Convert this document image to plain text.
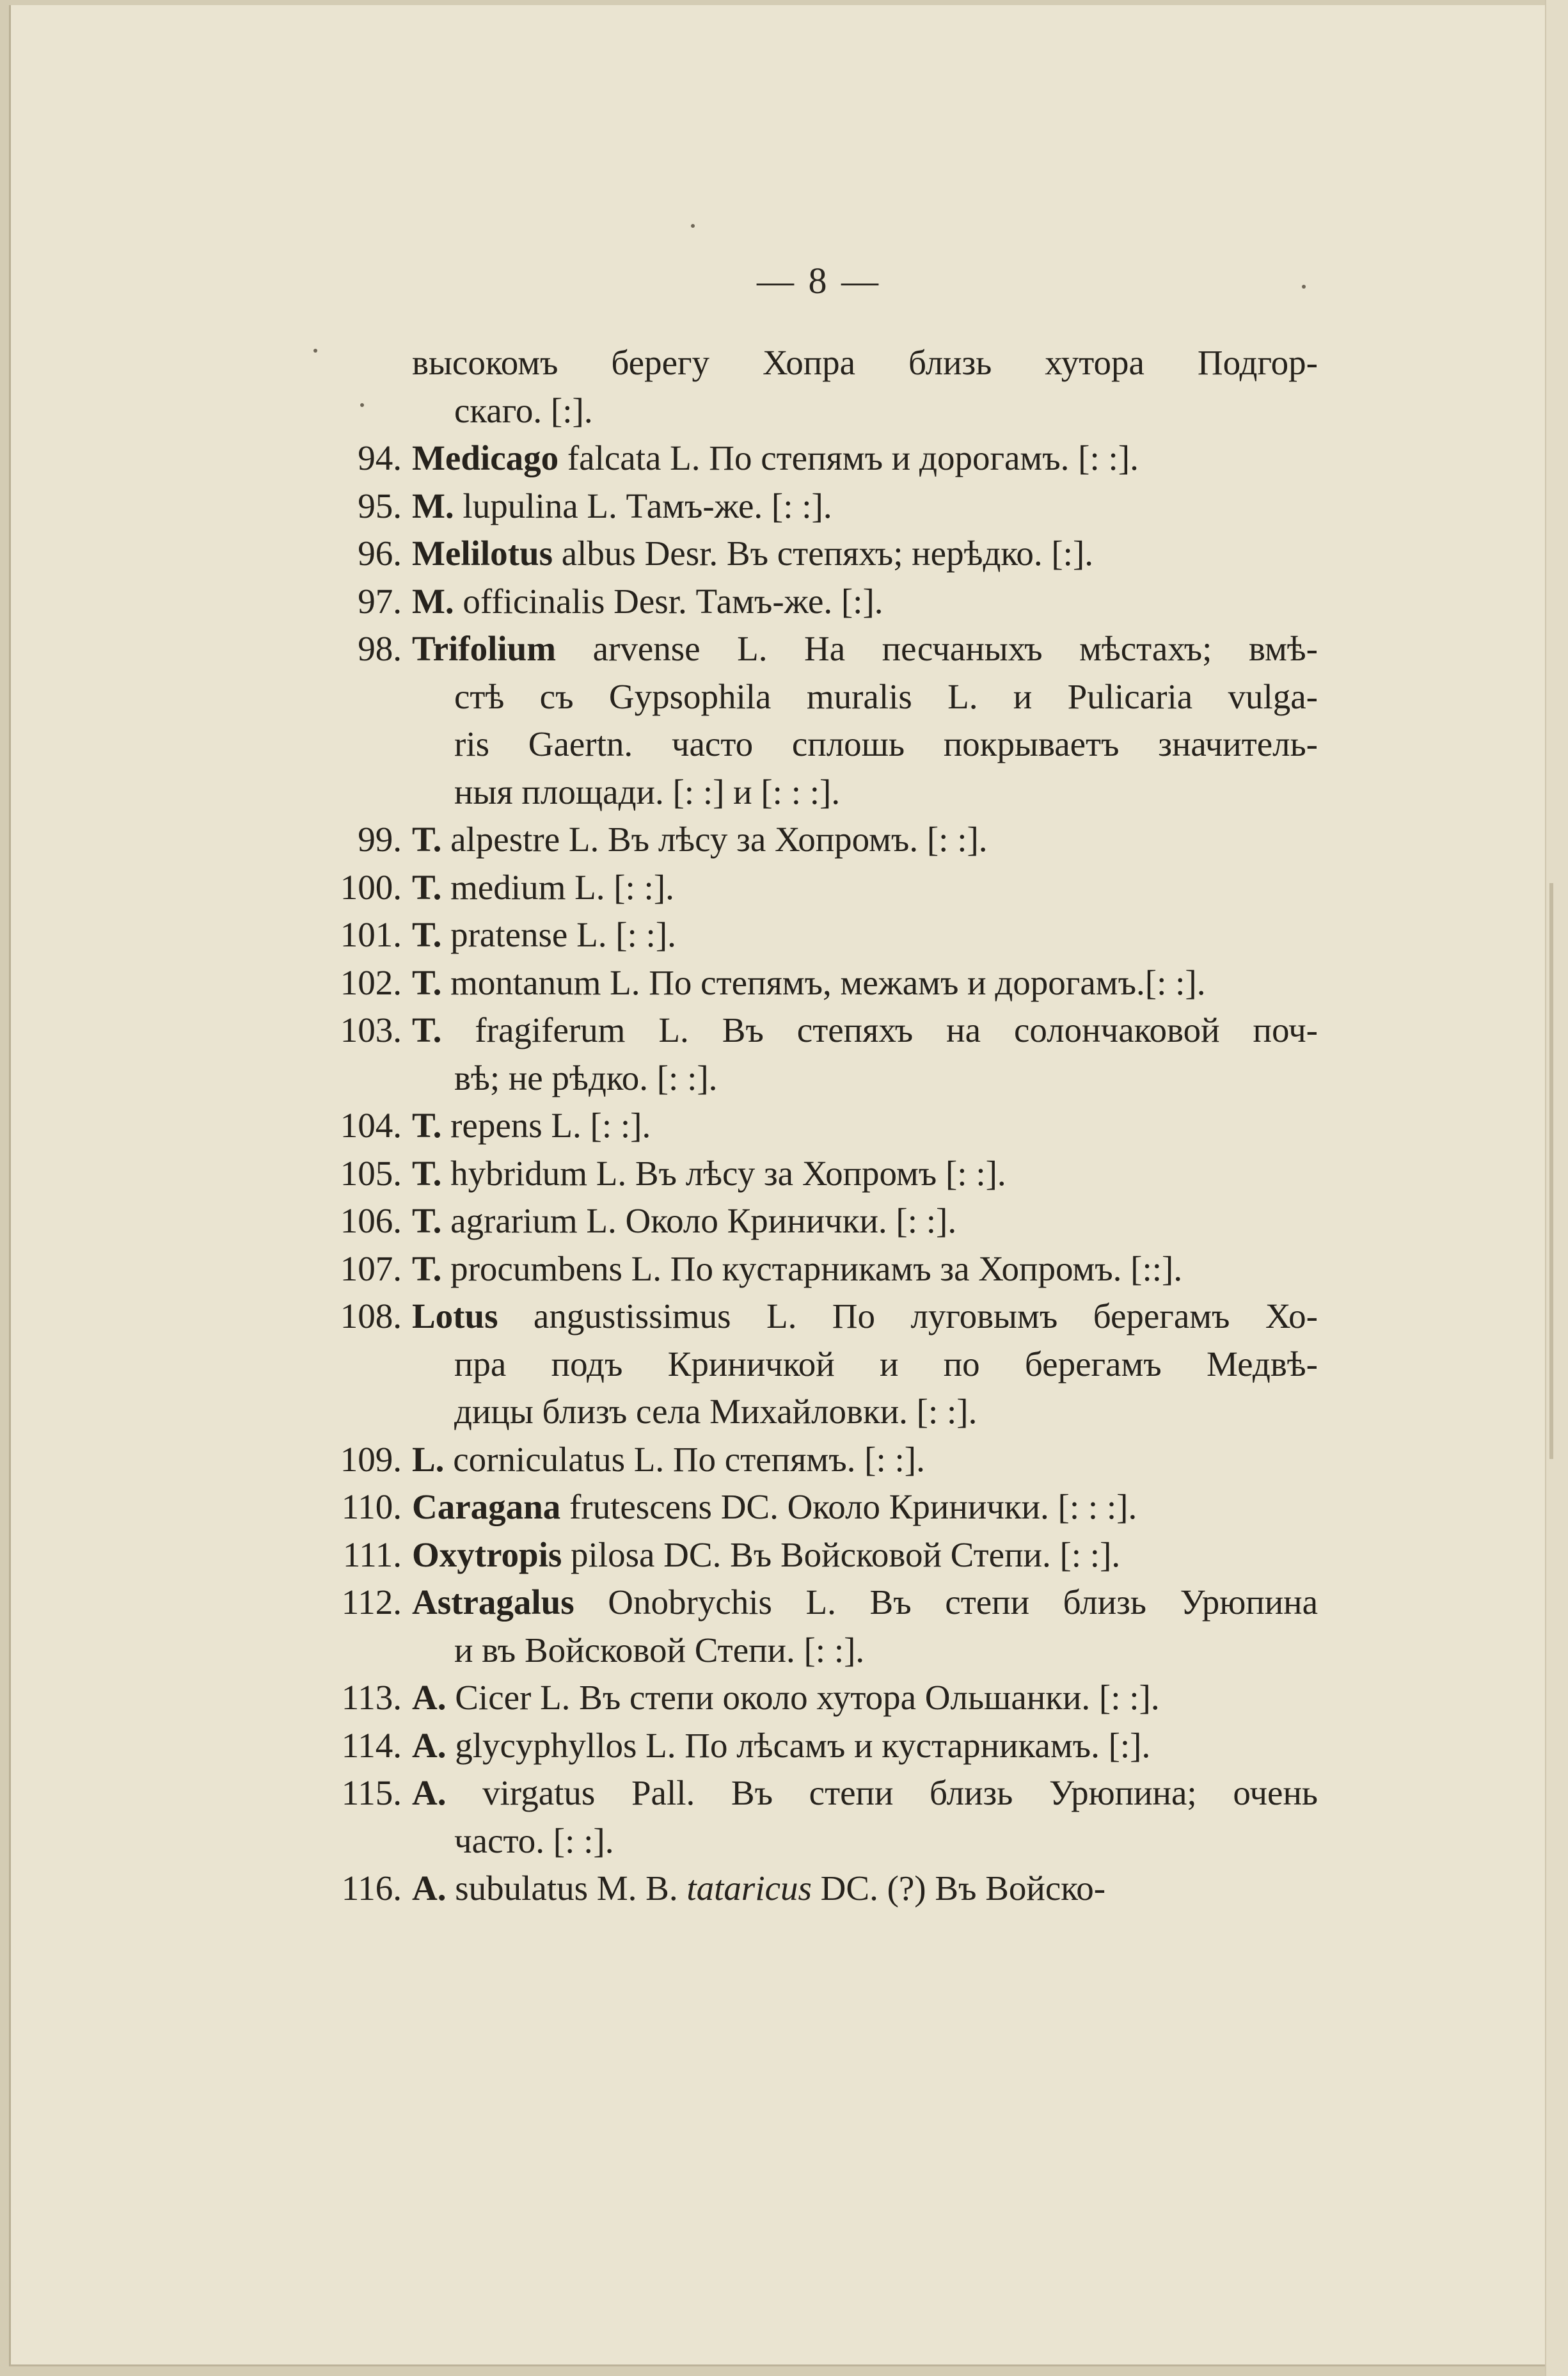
— 8 —
высокомъ берегу Хопра близь хутора Подгор-
скаго. [:].
94. Medicago falcata L. По степямъ и дорогамъ. [: :].
95. M. lupulina L. Тамъ-же. [: :].
96. Melilotus albus Desr. Въ степяхъ; нерѣдко. [:].
97. M. officinalis Desr. Тамъ-же. [:].
98. Trifolium arvense L. На песчаныхъ мѣстахъ; вмѣ-
стѣ съ Gypsophila muralis L. и Pulicaria vulga-
ris Gaertn. часто сплошь покрываетъ значитель-
ныя площади. [: :] и [: : :].
99. T. alpestre L. Въ лѣсу за Хопромъ. [: :].
100. T. medium L. [: :].
101. T. pratense L. [: :].
102. T. montanum L. По степямъ, межамъ и дорогамъ.[: :].
103. T. fragiferum L. Въ степяхъ на солончаковой поч-
вѣ; не рѣдко. [: :].
104. T. repens L. [: :].
105. T. hybridum L. Въ лѣсу за Хопромъ [: :].
106. T. agrarium L. Около Кринички. [: :].
107. T. procumbens L. По кустарникамъ за Хопромъ. [::].
108. Lotus angustissimus L. По луговымъ берегамъ Хо-
пра подъ Криничкой и по берегамъ Медвѣ-
дицы близъ села Михайловки. [: :].
109. L. corniculatus L. По степямъ. [: :].
110. Caragana frutescens DC. Около Кринички. [: : :].
111. Oxytropis pilosa DC. Въ Войсковой Степи. [: :].
112. Astragalus Onobrychis L. Въ степи близь Урюпина
и въ Войсковой Степи. [: :].
113. A. Cicer L. Въ степи около хутора Ольшанки. [: :].
114. A. glycyphyllos L. По лѣсамъ и кустарникамъ. [:].
115. A. virgatus Pall. Въ степи близь Урюпина; очень
часто. [: :].
116. A. subulatus M. B. tataricus DC. (?) Въ Войско-
